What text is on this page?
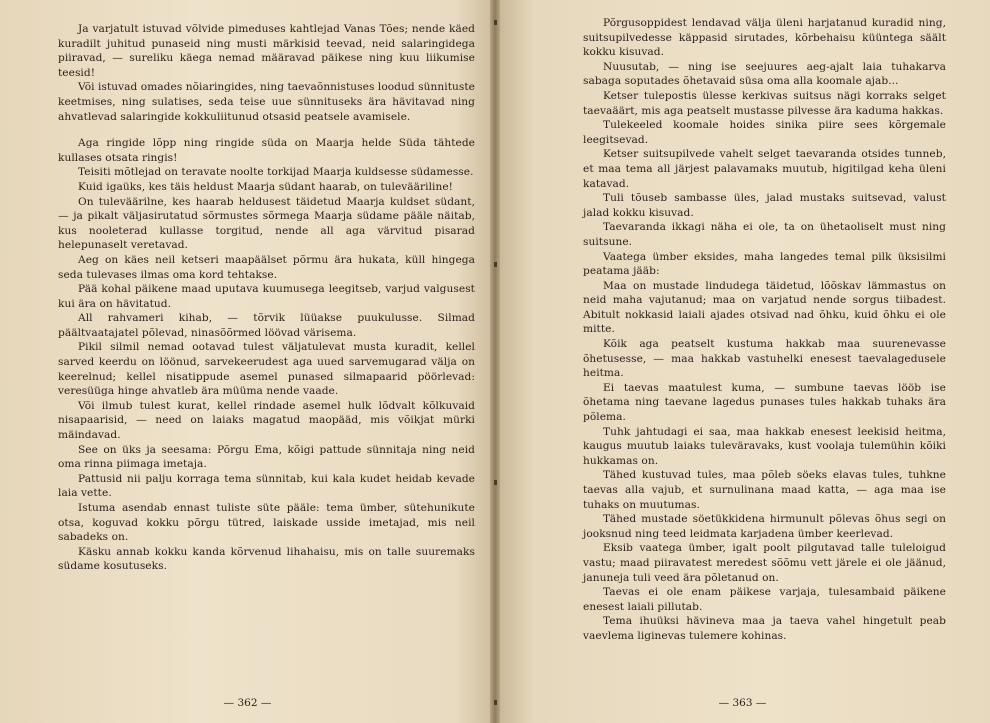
Ja varjatult istuvad võlvide pimeduses kahtlejad Vanas Tões; nende käed kuradilt juhitud punaseid ning musti märkisid teevad, neid salaringidega piiravad, — sureliku käega nemad määravad päikese ning kuu liikumise teesid!

Või istuvad omades nõiaringides, ning taevaõnnistuses loodud sünnituste keetmises, ning sulatises, seda teise uue sünnituseks ära hävitavad ning ahvatlevad salaringide kokkuliitunud otsasid peatsele avamisele.

Aga ringide lõpp ning ringide süda on Maarja helde Süda tähtede kullases otsata ringis!

Teisiti mõtlejad on teravate noolte torkijad Maarja kuldsesse südamesse.

Kuid igaüks, kes täis heldust Maarja südant haarab, on tulevääriline!

On tuleväärilne, kes haarab heldusest täidetud Maarja kuldset südant, — ja pikalt väljasirutatud sõrmustes sõrmega Maarja südame pääle näitab, kus nooleterad kullasse torgitud, nende all aga värvitud pisarad helepunaselt veretavad.

Aeg on käes neil ketseri maapäälset põrmu ära hukata, küll hingega seda tulevases ilmas oma kord tehtakse.

Pää kohal päikene maad uputava kuumusega leegitseb, varjud valgusest kui ära on hävitatud.

All rahvameri kihab, — tõrvik lüüakse puukulusse. Silmad päältvaatajatel põlevad, ninasõõrmed löövad värisema.

Pikil silmil nemad ootavad tulest väljatulevat musta kuradit, kellel sarved keerdu on löönud, sarvekeerudest aga uued sarvemugarad välja on keerelnud; kellel nisatippude asemel punased silmapaarid pöörlevad: veresüüga hinge ahvatleb ära müüma nende vaade.

Või ilmub tulest kurat, kellel rindade asemel hulk lõdvalt kõlkuvaid nisapaarisid, — need on laiaks magatud maopääd, mis võikjat mürki mäindavad.

See on üks ja seesama: Põrgu Ema, kõigi pattude sünnitaja ning neid oma rinna piimaga imetaja.

Pattusid nii palju korraga tema sünnitab, kui kala kudet heidab kevade laia vette.

Istuma asendab ennast tuliste süte pääle: tema ümber, sütehunikute otsa, koguvad kokku põrgu tütred, laiskade usside imetajad, mis neil sabadeks on.

Käsku annab kokku kanda kõrvenud lihahaisu, mis on talle suuremaks südame kosutuseks.

— 362 —

Põrgusoppidest lendavad välja üleni harjatanud kuradid ning, suitsupilvedesse käppasid sirutades, kõrbehaisu küüntega säält kokku kisuvad.

Nuusutab, — ning ise seejuures aeg-ajalt laia tuhakarva sabaga soputades õhetavaid süsa oma alla koomale ajab...

Ketser tulepostis ülesse kerkivas suitsus nägi korraks selget taevaäärt, mis aga peatselt mustasse pilvesse ära kaduma hakkas.

Tulekeeled koomale hoides sinika piire sees kõrgemale leegitsevad.

Ketser suitsupilvede vahelt selget taevaranda otsides tunneb, et maa tema all järjest palavamaks muutub, higitilgad keha üleni katavad.

Tuli tõuseb sambasse üles, jalad mustaks suitsevad, valust jalad kokku kisuvad.

Taevaranda ikkagi näha ei ole, ta on ühetaoliselt must ning suitsune.

Vaatega ümber eksides, maha langedes temal pilk üksisilmi peatama jääb:

Maa on mustade lindudega täidetud, lõõskav lämmastus on neid maha vajutanud; maa on varjatud nende sorgus tiibadest. Abitult nokkasid laiali ajades otsivad nad õhku, kuid õhku ei ole mitte.

Kõik aga peatselt kustuma hakkab maa suurenevasse õhetusesse, — maa hakkab vastuhelki enesest taevalagedusele heitma.

Ei taevas maatulest kuma, — sumbune taevas lööb ise õhetama ning taevane lagedus punases tules hakkab tuhaks ära põlema.

Tuhk jahtudagi ei saa, maa hakkab enesest leekisid heitma, kaugus muutub laiaks tuleväravaks, kust voolaja tulemühin kõiki hukkamas on.

Tähed kustuvad tules, maa põleb söeks elavas tules, tuhkne taevas alla vajub, et surnulinana maad katta, — aga maa ise tuhaks on muutumas.

Tähed mustade söetükkidena hirmunult põlevas õhus segi on jooksnud ning teed leidmata karjadena ümber keerlevad.

Eksib vaatega ümber, igalt poolt pilgutavad talle tuleloigud vastu; maad piiravatest meredest sõõmu vett järele ei ole jäänud, januneja tuli veed ära põletanud on.

Taevas ei ole enam päikese varjaja, tulesambaid päikene enesest laiali pillutab.

Tema ihuüksi hävineva maa ja taeva vahel hingetult peab vaevlema liginevas tulemere kohinas.

— 363 —
